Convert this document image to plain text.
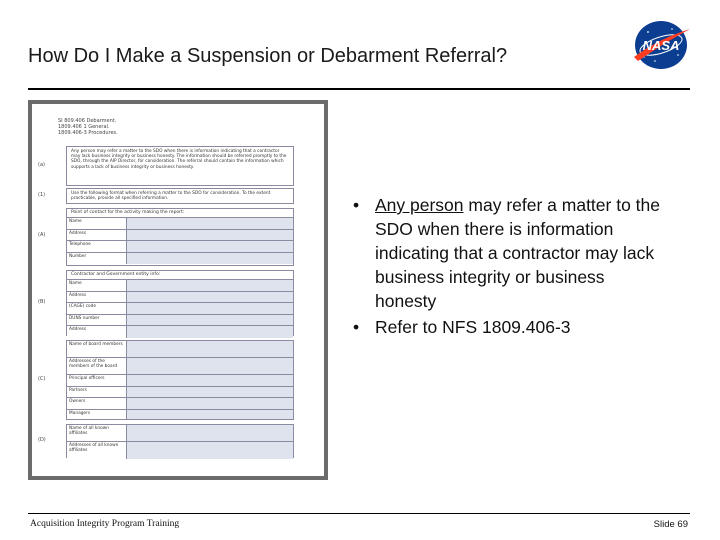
How Do I Make a Suspension or Debarment Referral?	NASA
SI 809.406 Debarment.
1809.406 1 General.
1809.406-3 Procedures.
(a)
Any person may refer a matter to the SDO when there is information indicating that a contractor may lack business integrity or business honesty. The information should be referred promptly to the SDO, through the AIP Director, for consideration. The referral should contain the information which supports a lack of business integrity or business honesty.
(1)	Use the following format when referring a matter to the SDO for consideration. To the extent practicable, provide all specified information.
(A)
Point of contact for the activity making the report:
Name
Address
Telephone
Number
(B)
Contractor and Government entity info:
Name
Address
(CAGE) code
DUNS number
Address
(C)
Name of board members
Addresses of the members of the board
Principal officers
Partners
Owners
Managers
(D)
Name of all known affiliates
Addresses of all known affiliates
• Any person may refer a matter to the SDO when there is information indicating that a contractor may lack business integrity or business honesty
• Refer to NFS 1809.406-3
Acquisition Integrity Program Training	Slide 69
